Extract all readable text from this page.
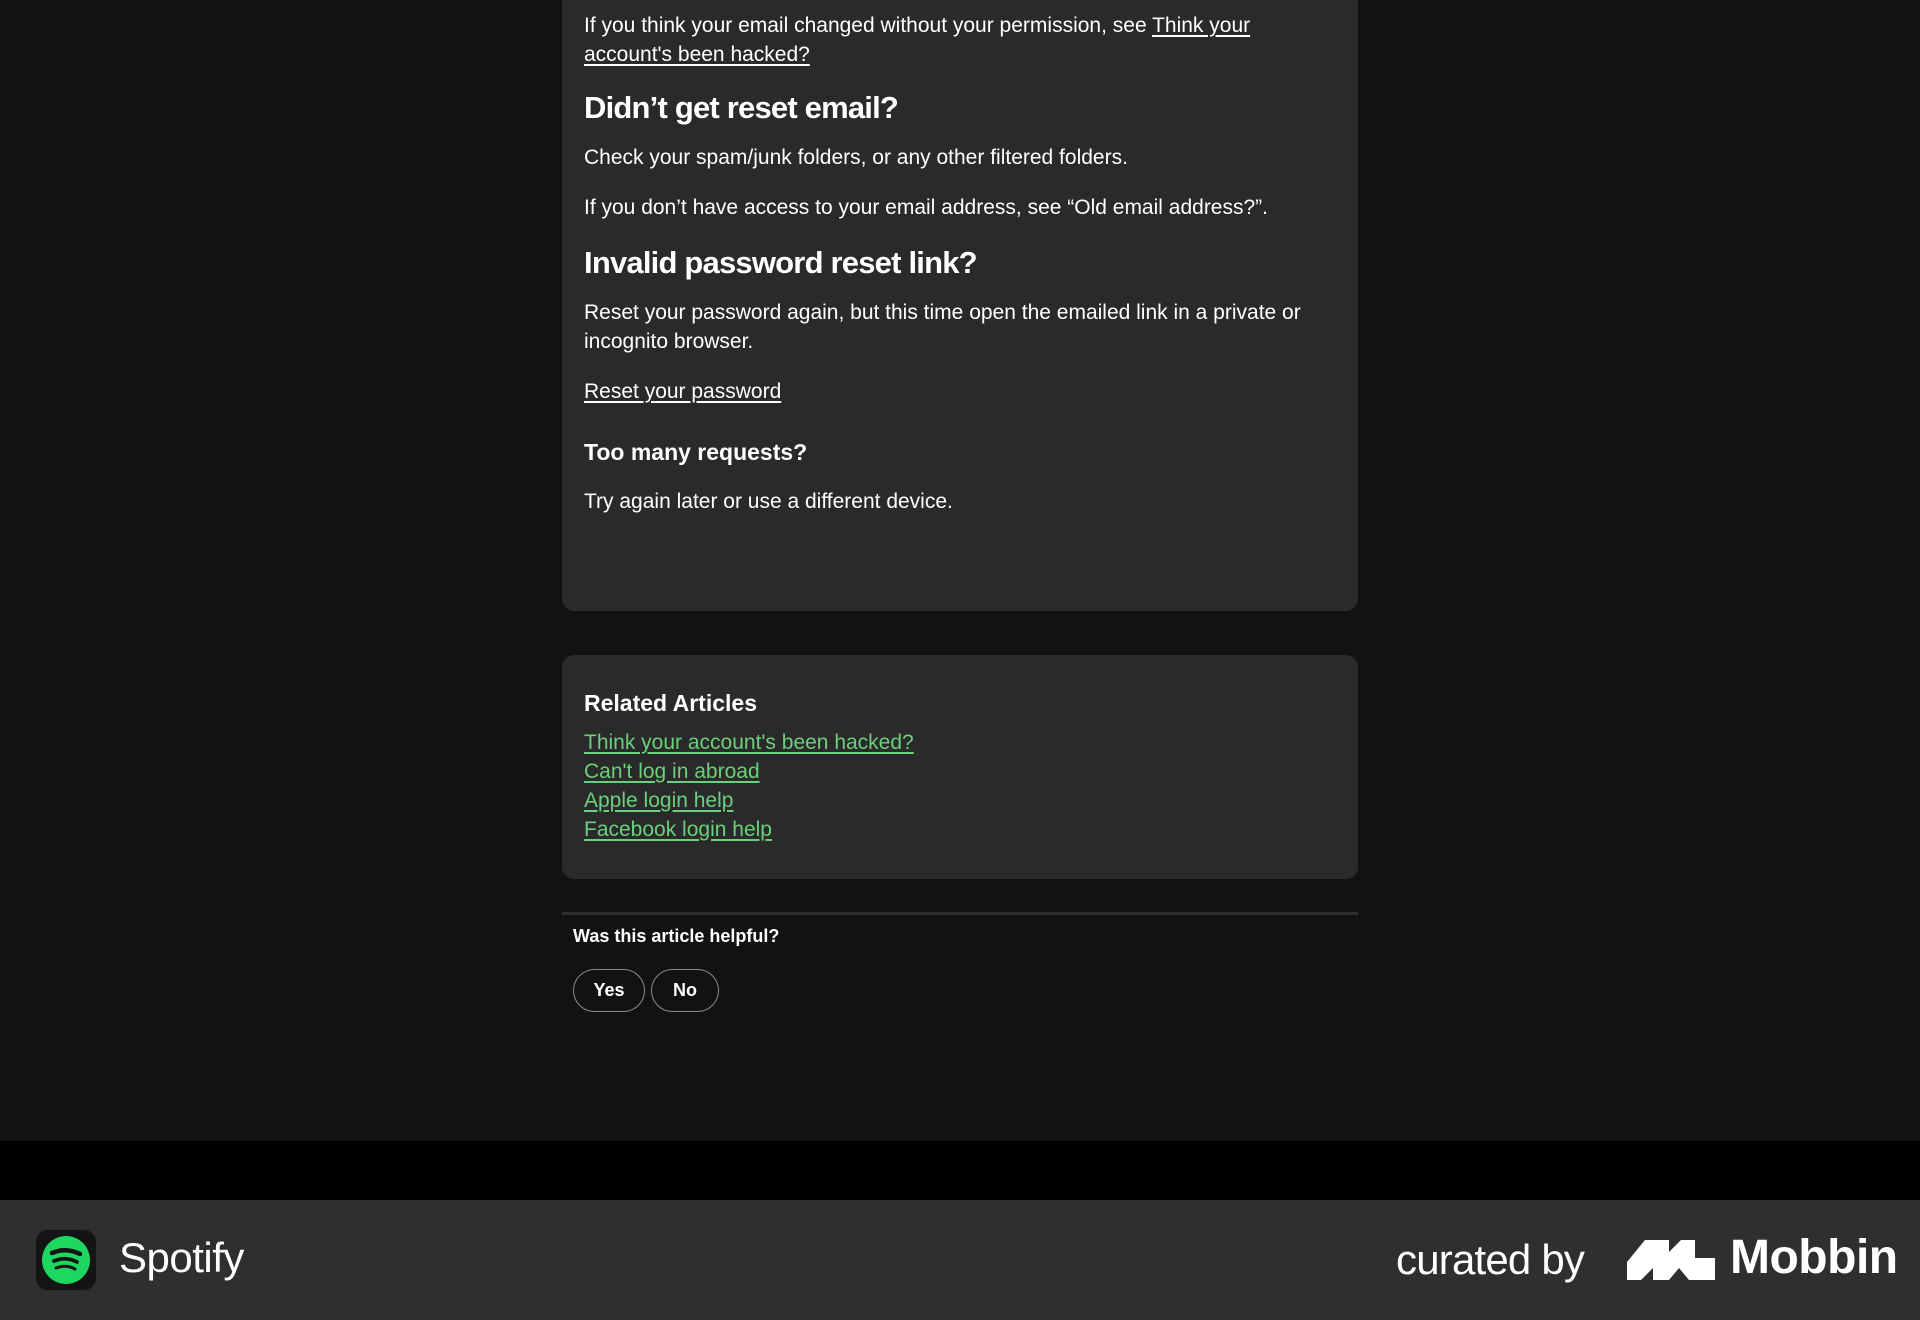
If you think your email changed without your permission, see Think your account's been hacked?

Didn’t get reset email?

Check your spam/junk folders, or any other filtered folders.

If you don’t have access to your email address, see “Old email address?”.

Invalid password reset link?

Reset your password again, but this time open the emailed link in a private or incognito browser.

Reset your password

Too many requests?

Try again later or use a different device.

Related Articles
Think your account's been hacked?
Can't log in abroad
Apple login help
Facebook login help
Was this article helpful?
Yes	No
Spotify	curated by	Mobbin
